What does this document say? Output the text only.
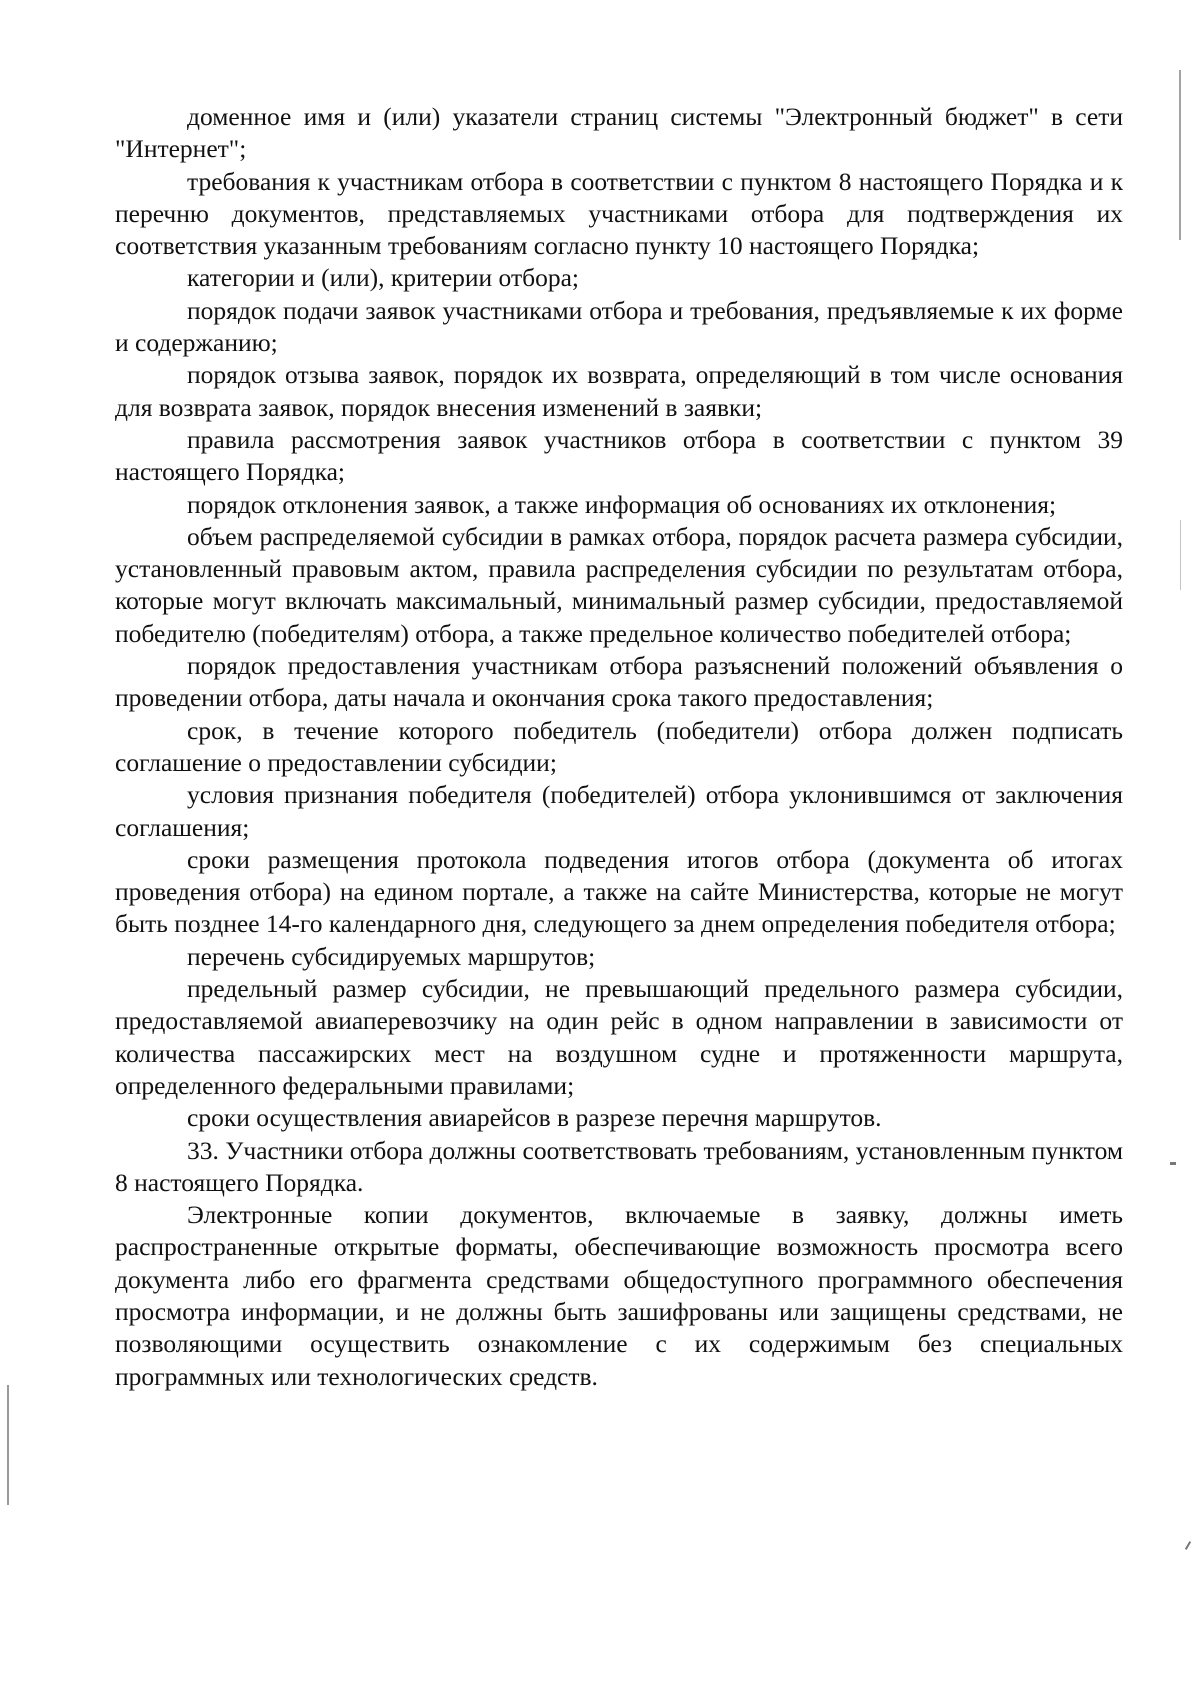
доменное имя и (или) указатели страниц системы "Электронный бюджет" в сети "Интернет";

требования к участникам отбора в соответствии с пунктом 8 настоящего Порядка и к перечню документов, представляемых участниками отбора для подтверждения их соответствия указанным требованиям согласно пункту 10 настоящего Порядка;

категории и (или), критерии отбора;

порядок подачи заявок участниками отбора и требования, предъявляемые к их форме и содержанию;

порядок отзыва заявок, порядок их возврата, определяющий в том числе основания для возврата заявок, порядок внесения изменений в заявки;

правила рассмотрения заявок участников отбора в соответствии с пунктом 39 настоящего Порядка;

порядок отклонения заявок, а также информация об основаниях их отклонения;

объем распределяемой субсидии в рамках отбора, порядок расчета размера субсидии, установленный правовым актом, правила распределения субсидии по результатам отбора, которые могут включать максимальный, минимальный размер субсидии, предоставляемой победителю (победителям) отбора, а также предельное количество победителей отбора;

порядок предоставления участникам отбора разъяснений положений объявления о проведении отбора, даты начала и окончания срока такого предоставления;

срок, в течение которого победитель (победители) отбора должен подписать соглашение о предоставлении субсидии;

условия признания победителя (победителей) отбора уклонившимся от заключения соглашения;

сроки размещения протокола подведения итогов отбора (документа об итогах проведения отбора) на едином портале, а также на сайте Министерства, которые не могут быть позднее 14-го календарного дня, следующего за днем определения победителя отбора;

перечень субсидируемых маршрутов;

предельный размер субсидии, не превышающий предельного размера субсидии, предоставляемой авиаперевозчику на один рейс в одном направлении в зависимости от количества пассажирских мест на воздушном судне и протяженности маршрута, определенного федеральными правилами;

сроки осуществления авиарейсов в разрезе перечня маршрутов.

33. Участники отбора должны соответствовать требованиям, установленным пунктом 8 настоящего Порядка.

Электронные копии документов, включаемые в заявку, должны иметь распространенные открытые форматы, обеспечивающие возможность просмотра всего документа либо его фрагмента средствами общедоступного программного обеспечения просмотра информации, и не должны быть зашифрованы или защищены средствами, не позволяющими осуществить ознакомление с их содержимым без специальных программных или технологических средств.
